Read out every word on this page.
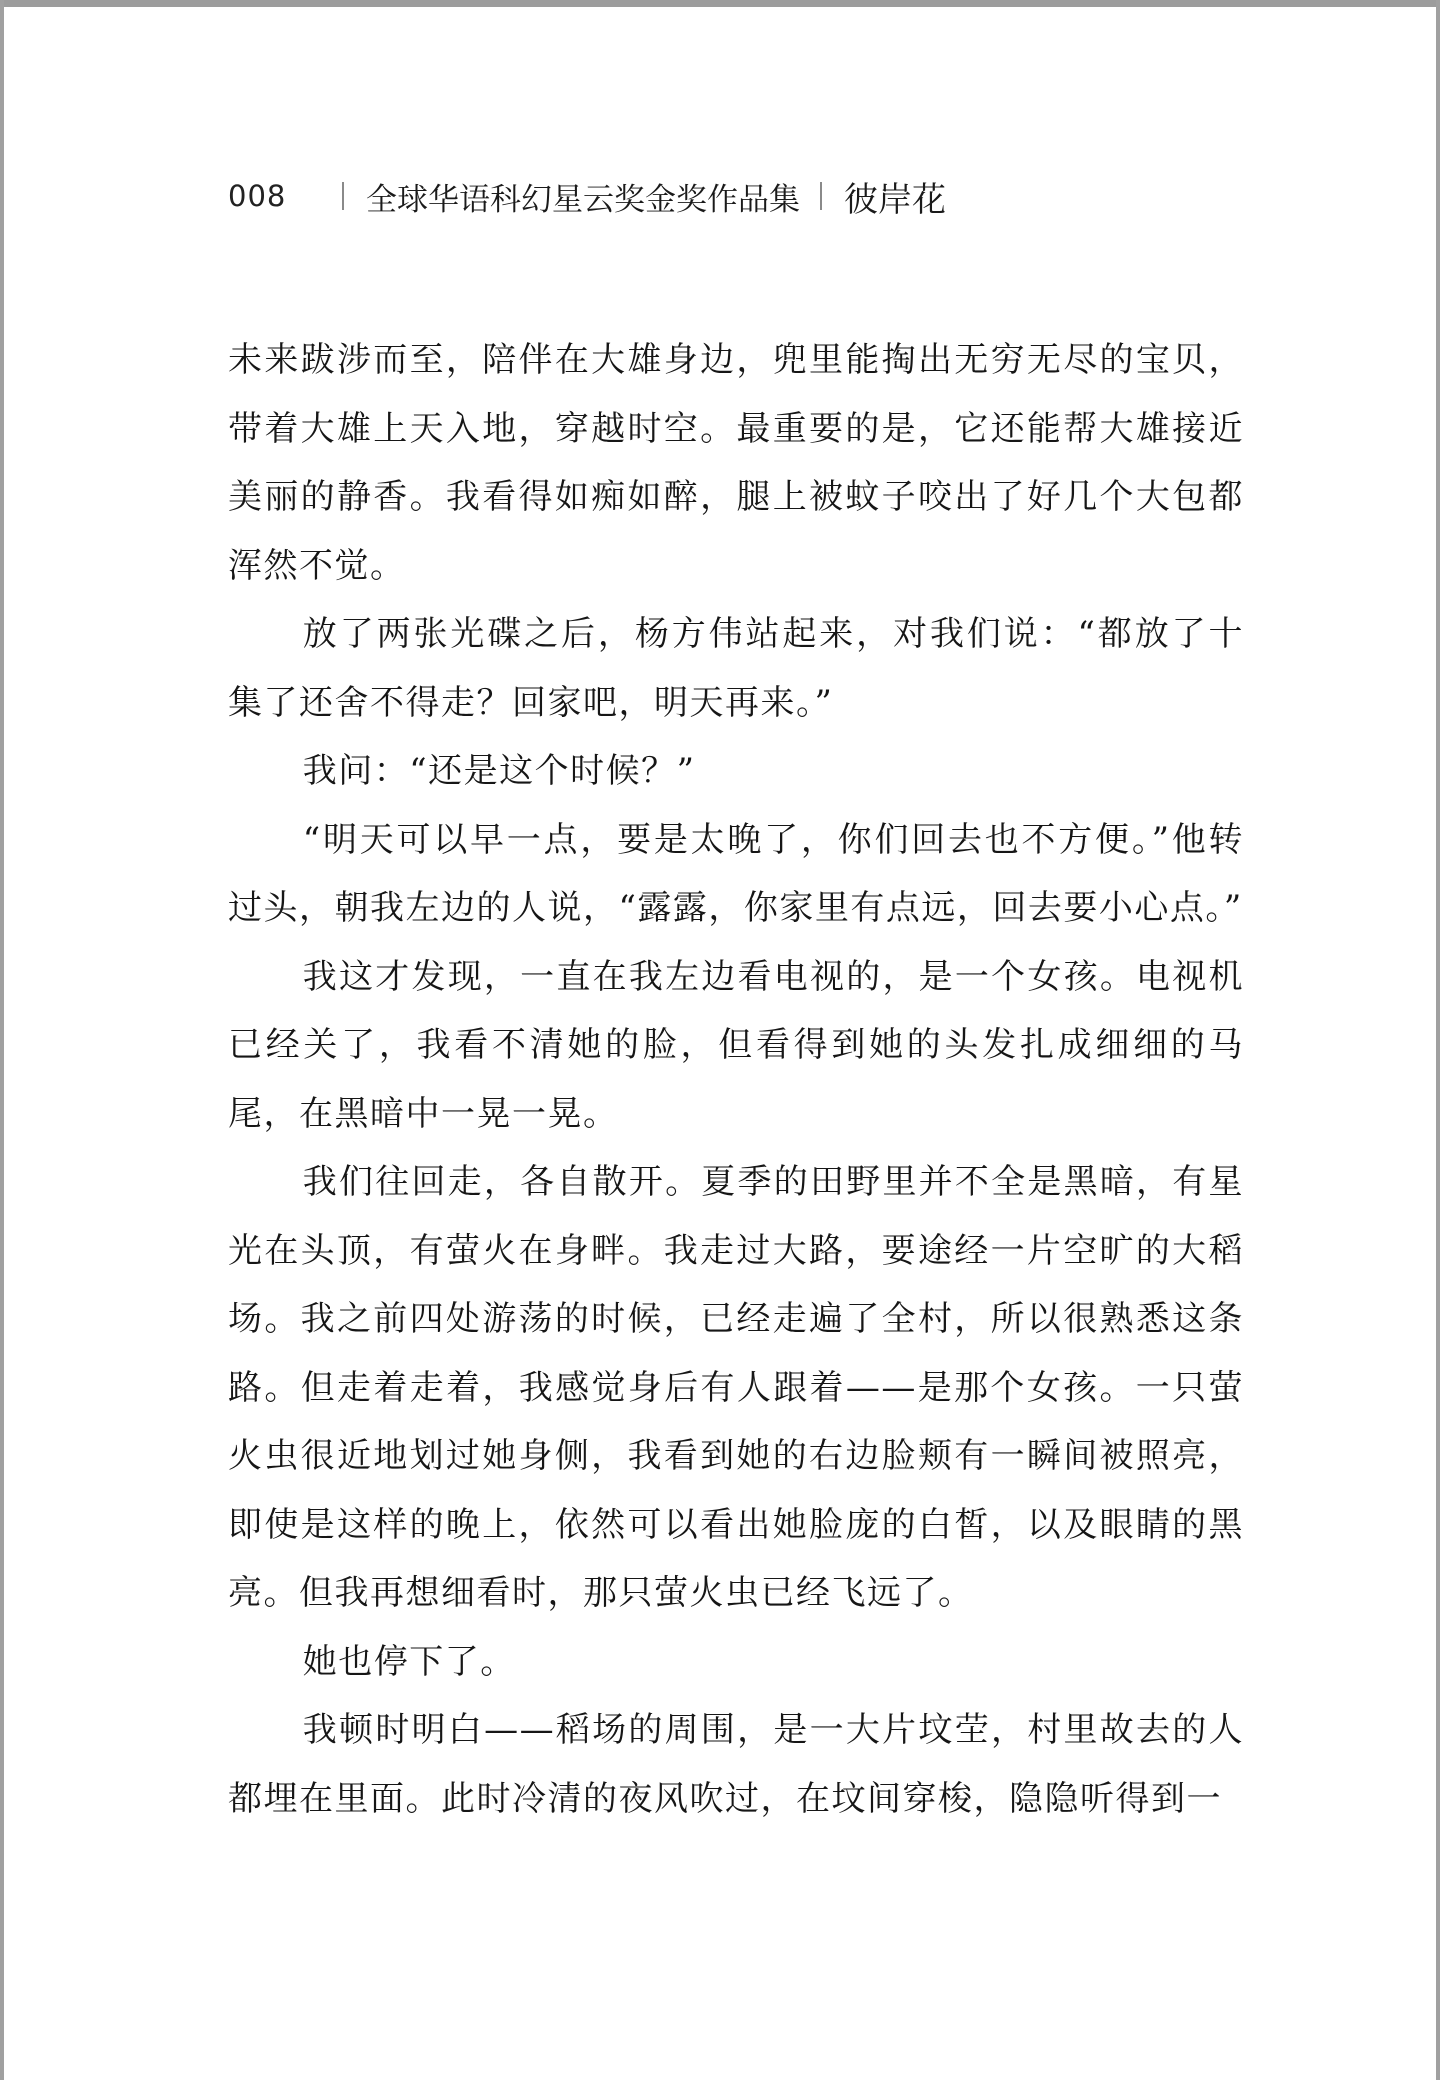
008	全球华语科幻星云奖金奖作品集 彼岸花

未来跋涉而至，陪伴在大雄身边，兜里能掏出无穷无尽的宝贝，带着大雄上天入地，穿越时空。最重要的是，它还能帮大雄接近美丽的静香。我看得如痴如醉，腿上被蚊子咬出了好几个大包都浑然不觉。

放了两张光碟之后，杨方伟站起来，对我们说：“都放了十集了还舍不得走？回家吧，明天再来。”

我问：“还是这个时候？”

“明天可以早一点，要是太晚了，你们回去也不方便。”他转过头，朝我左边的人说，“露露，你家里有点远，回去要小心点。”

我这才发现，一直在我左边看电视的，是一个女孩。电视机已经关了，我看不清她的脸，但看得到她的头发扎成细细的马尾，在黑暗中一晃一晃。

我们往回走，各自散开。夏季的田野里并不全是黑暗，有星光在头顶，有萤火在身畔。我走过大路，要途经一片空旷的大稻场。我之前四处游荡的时候，已经走遍了全村，所以很熟悉这条路。但走着走着，我感觉身后有人跟着——是那个女孩。一只萤火虫很近地划过她身侧，我看到她的右边脸颊有一瞬间被照亮，即使是这样的晚上，依然可以看出她脸庞的白皙，以及眼睛的黑亮。但我再想细看时，那只萤火虫已经飞远了。

她也停下了。

我顿时明白——稻场的周围，是一大片坟茔，村里故去的人都埋在里面。此时冷清的夜风吹过，在坟间穿梭，隐隐听得到一
